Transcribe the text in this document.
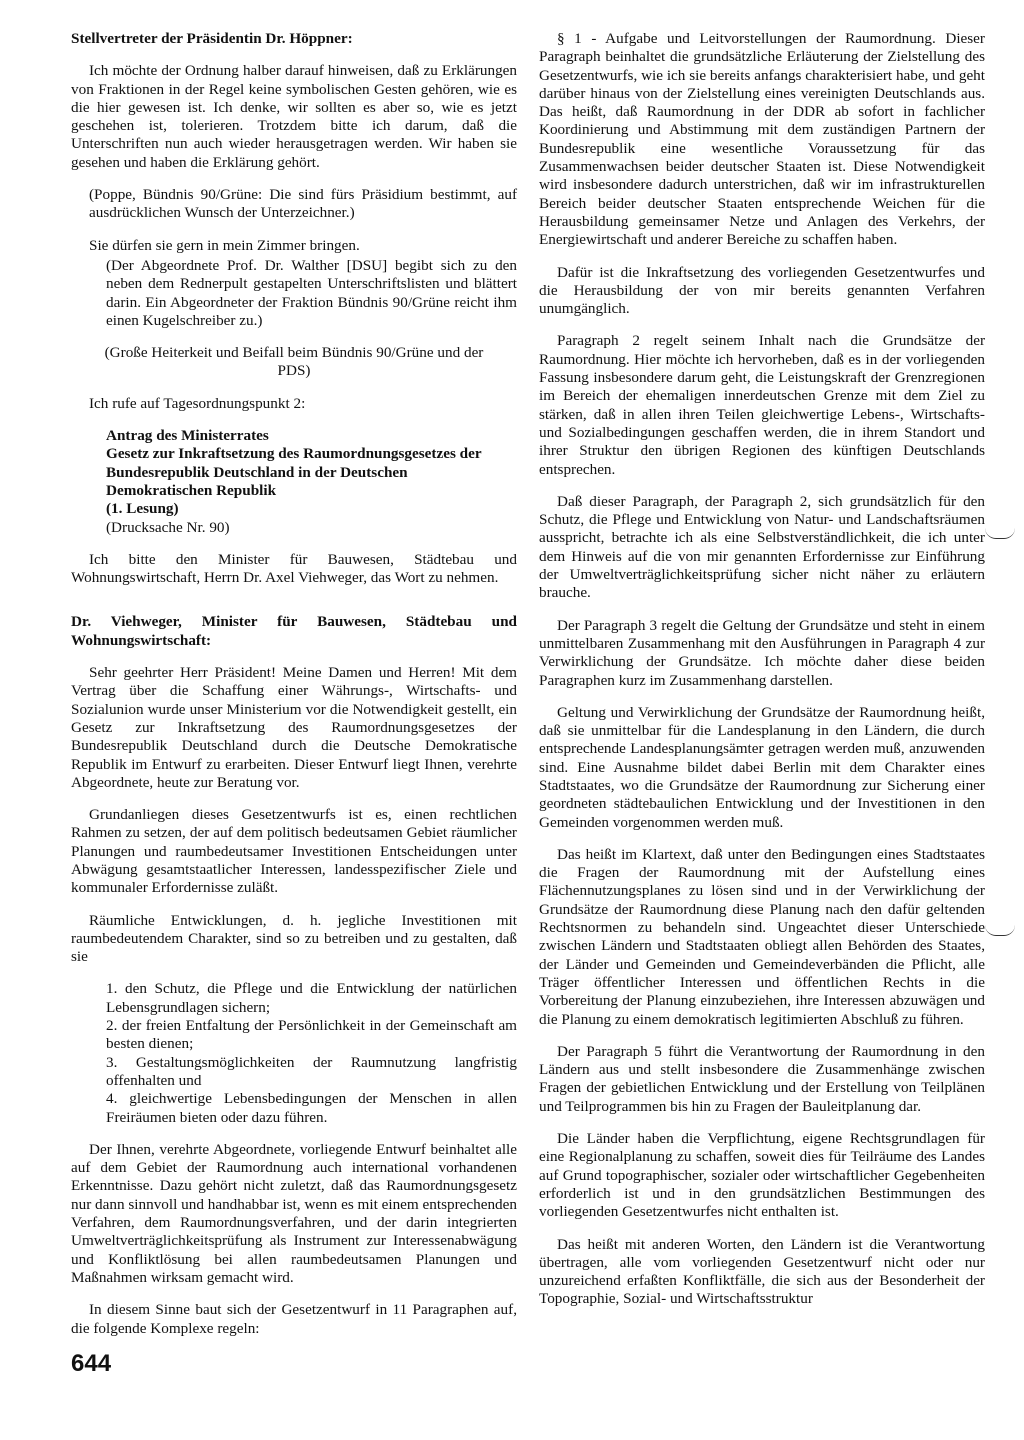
Stellvertreter der Präsidentin Dr. Höppner:

Ich möchte der Ordnung halber darauf hinweisen, daß zu Erklärungen von Fraktionen in der Regel keine symbolischen Gesten gehören, wie es die hier gewesen ist. Ich denke, wir sollten es aber so, wie es jetzt geschehen ist, tolerieren. Trotzdem bitte ich darum, daß die Unterschriften nun auch wieder herausgetragen werden. Wir haben sie gesehen und haben die Erklärung gehört.

(Poppe, Bündnis 90/Grüne: Die sind fürs Präsidium bestimmt, auf ausdrücklichen Wunsch der Unterzeichner.)

Sie dürfen sie gern in mein Zimmer bringen.

(Der Abgeordnete Prof. Dr. Walther [DSU] begibt sich zu den neben dem Rednerpult gestapelten Unterschriftslisten und blättert darin. Ein Abgeordneter der Fraktion Bündnis 90/Grüne reicht ihm einen Kugelschreiber zu.)

(Große Heiterkeit und Beifall beim Bündnis 90/Grüne und der PDS)

Ich rufe auf Tagesordnungspunkt 2:

Antrag des Ministerrates
Gesetz zur Inkraftsetzung des Raumordnungsgesetzes der Bundesrepublik Deutschland in der Deutschen Demokratischen Republik
(1. Lesung)
(Drucksache Nr. 90)

Ich bitte den Minister für Bauwesen, Städtebau und Wohnungswirtschaft, Herrn Dr. Axel Viehweger, das Wort zu nehmen.

Dr. Viehweger, Minister für Bauwesen, Städtebau und Wohnungswirtschaft:

Sehr geehrter Herr Präsident! Meine Damen und Herren! Mit dem Vertrag über die Schaffung einer Währungs-, Wirtschafts- und Sozialunion wurde unser Ministerium vor die Notwendigkeit gestellt, ein Gesetz zur Inkraftsetzung des Raumordnungsgesetzes der Bundesrepublik Deutschland durch die Deutsche Demokratische Republik im Entwurf zu erarbeiten. Dieser Entwurf liegt Ihnen, verehrte Abgeordnete, heute zur Beratung vor.

Grundanliegen dieses Gesetzentwurfs ist es, einen rechtlichen Rahmen zu setzen, der auf dem politisch bedeutsamen Gebiet räumlicher Planungen und raumbedeutsamer Investitionen Entscheidungen unter Abwägung gesamtstaatlicher Interessen, landesspezifischer Ziele und kommunaler Erfordernisse zuläßt.

Räumliche Entwicklungen, d. h. jegliche Investitionen mit raumbedeutendem Charakter, sind so zu betreiben und zu gestalten, daß sie

1. den Schutz, die Pflege und die Entwicklung der natürlichen Lebensgrundlagen sichern;
2. der freien Entfaltung der Persönlichkeit in der Gemeinschaft am besten dienen;
3. Gestaltungsmöglichkeiten der Raumnutzung langfristig offenhalten und
4. gleichwertige Lebensbedingungen der Menschen in allen Freiräumen bieten oder dazu führen.

Der Ihnen, verehrte Abgeordnete, vorliegende Entwurf beinhaltet alle auf dem Gebiet der Raumordnung auch international vorhandenen Erkenntnisse. Dazu gehört nicht zuletzt, daß das Raumordnungsgesetz nur dann sinnvoll und handhabbar ist, wenn es mit einem entsprechenden Verfahren, dem Raumordnungsverfahren, und der darin integrierten Umweltverträglichkeitsprüfung als Instrument zur Interessenabwägung und Konfliktlösung bei allen raumbedeutsamen Planungen und Maßnahmen wirksam gemacht wird.

In diesem Sinne baut sich der Gesetzentwurf in 11 Paragraphen auf, die folgende Komplexe regeln:

§ 1 - Aufgabe und Leitvorstellungen der Raumordnung. Dieser Paragraph beinhaltet die grundsätzliche Erläuterung der Zielstellung des Gesetzentwurfs, wie ich sie bereits anfangs charakterisiert habe, und geht darüber hinaus von der Zielstellung eines vereinigten Deutschlands aus. Das heißt, daß Raumordnung in der DDR ab sofort in fachlicher Koordinierung und Abstimmung mit dem zuständigen Partnern der Bundesrepublik eine wesentliche Voraussetzung für das Zusammenwachsen beider deutscher Staaten ist. Diese Notwendigkeit wird insbesondere dadurch unterstrichen, daß wir im infrastrukturellen Bereich beider deutscher Staaten entsprechende Weichen für die Herausbildung gemeinsamer Netze und Anlagen des Verkehrs, der Energiewirtschaft und anderer Bereiche zu schaffen haben.

Dafür ist die Inkraftsetzung des vorliegenden Gesetzentwurfes und die Herausbildung der von mir bereits genannten Verfahren unumgänglich.

Paragraph 2 regelt seinem Inhalt nach die Grundsätze der Raumordnung. Hier möchte ich hervorheben, daß es in der vorliegenden Fassung insbesondere darum geht, die Leistungskraft der Grenzregionen im Bereich der ehemaligen innerdeutschen Grenze mit dem Ziel zu stärken, daß in allen ihren Teilen gleichwertige Lebens-, Wirtschafts- und Sozialbedingungen geschaffen werden, die in ihrem Standort und ihrer Struktur den übrigen Regionen des künftigen Deutschlands entsprechen.

Daß dieser Paragraph, der Paragraph 2, sich grundsätzlich für den Schutz, die Pflege und Entwicklung von Natur- und Landschaftsräumen ausspricht, betrachte ich als eine Selbstverständlichkeit, die ich unter dem Hinweis auf die von mir genannten Erfordernisse zur Einführung der Umweltverträglichkeitsprüfung sicher nicht näher zu erläutern brauche.

Der Paragraph 3 regelt die Geltung der Grundsätze und steht in einem unmittelbaren Zusammenhang mit den Ausführungen in Paragraph 4 zur Verwirklichung der Grundsätze. Ich möchte daher diese beiden Paragraphen kurz im Zusammenhang darstellen.

Geltung und Verwirklichung der Grundsätze der Raumordnung heißt, daß sie unmittelbar für die Landesplanung in den Ländern, die durch entsprechende Landesplanungsämter getragen werden muß, anzuwenden sind. Eine Ausnahme bildet dabei Berlin mit dem Charakter eines Stadtstaates, wo die Grundsätze der Raumordnung zur Sicherung einer geordneten städtebaulichen Entwicklung und der Investitionen in den Gemeinden vorgenommen werden muß.

Das heißt im Klartext, daß unter den Bedingungen eines Stadtstaates die Fragen der Raumordnung mit der Aufstellung eines Flächennutzungsplanes zu lösen sind und in der Verwirklichung der Grundsätze der Raumordnung diese Planung nach den dafür geltenden Rechtsnormen zu behandeln sind. Ungeachtet dieser Unterschiede zwischen Ländern und Stadtstaaten obliegt allen Behörden des Staates, der Länder und Gemeinden und Gemeindeverbänden die Pflicht, alle Träger öffentlicher Interessen und öffentlichen Rechts in die Vorbereitung der Planung einzubeziehen, ihre Interessen abzuwägen und die Planung zu einem demokratisch legitimierten Abschluß zu führen.

Der Paragraph 5 führt die Verantwortung der Raumordnung in den Ländern aus und stellt insbesondere die Zusammenhänge zwischen Fragen der gebietlichen Entwicklung und der Erstellung von Teilplänen und Teilprogrammen bis hin zu Fragen der Bauleitplanung dar.

Die Länder haben die Verpflichtung, eigene Rechtsgrundlagen für eine Regionalplanung zu schaffen, soweit dies für Teilräume des Landes auf Grund topographischer, sozialer oder wirtschaftlicher Gegebenheiten erforderlich ist und in den grundsätzlichen Bestimmungen des vorliegenden Gesetzentwurfes nicht enthalten ist.

Das heißt mit anderen Worten, den Ländern ist die Verantwortung übertragen, alle vom vorliegenden Gesetzentwurf nicht oder nur unzureichend erfaßten Konfliktfälle, die sich aus der Besonderheit der Topographie, Sozial- und Wirtschaftsstruktur

644
